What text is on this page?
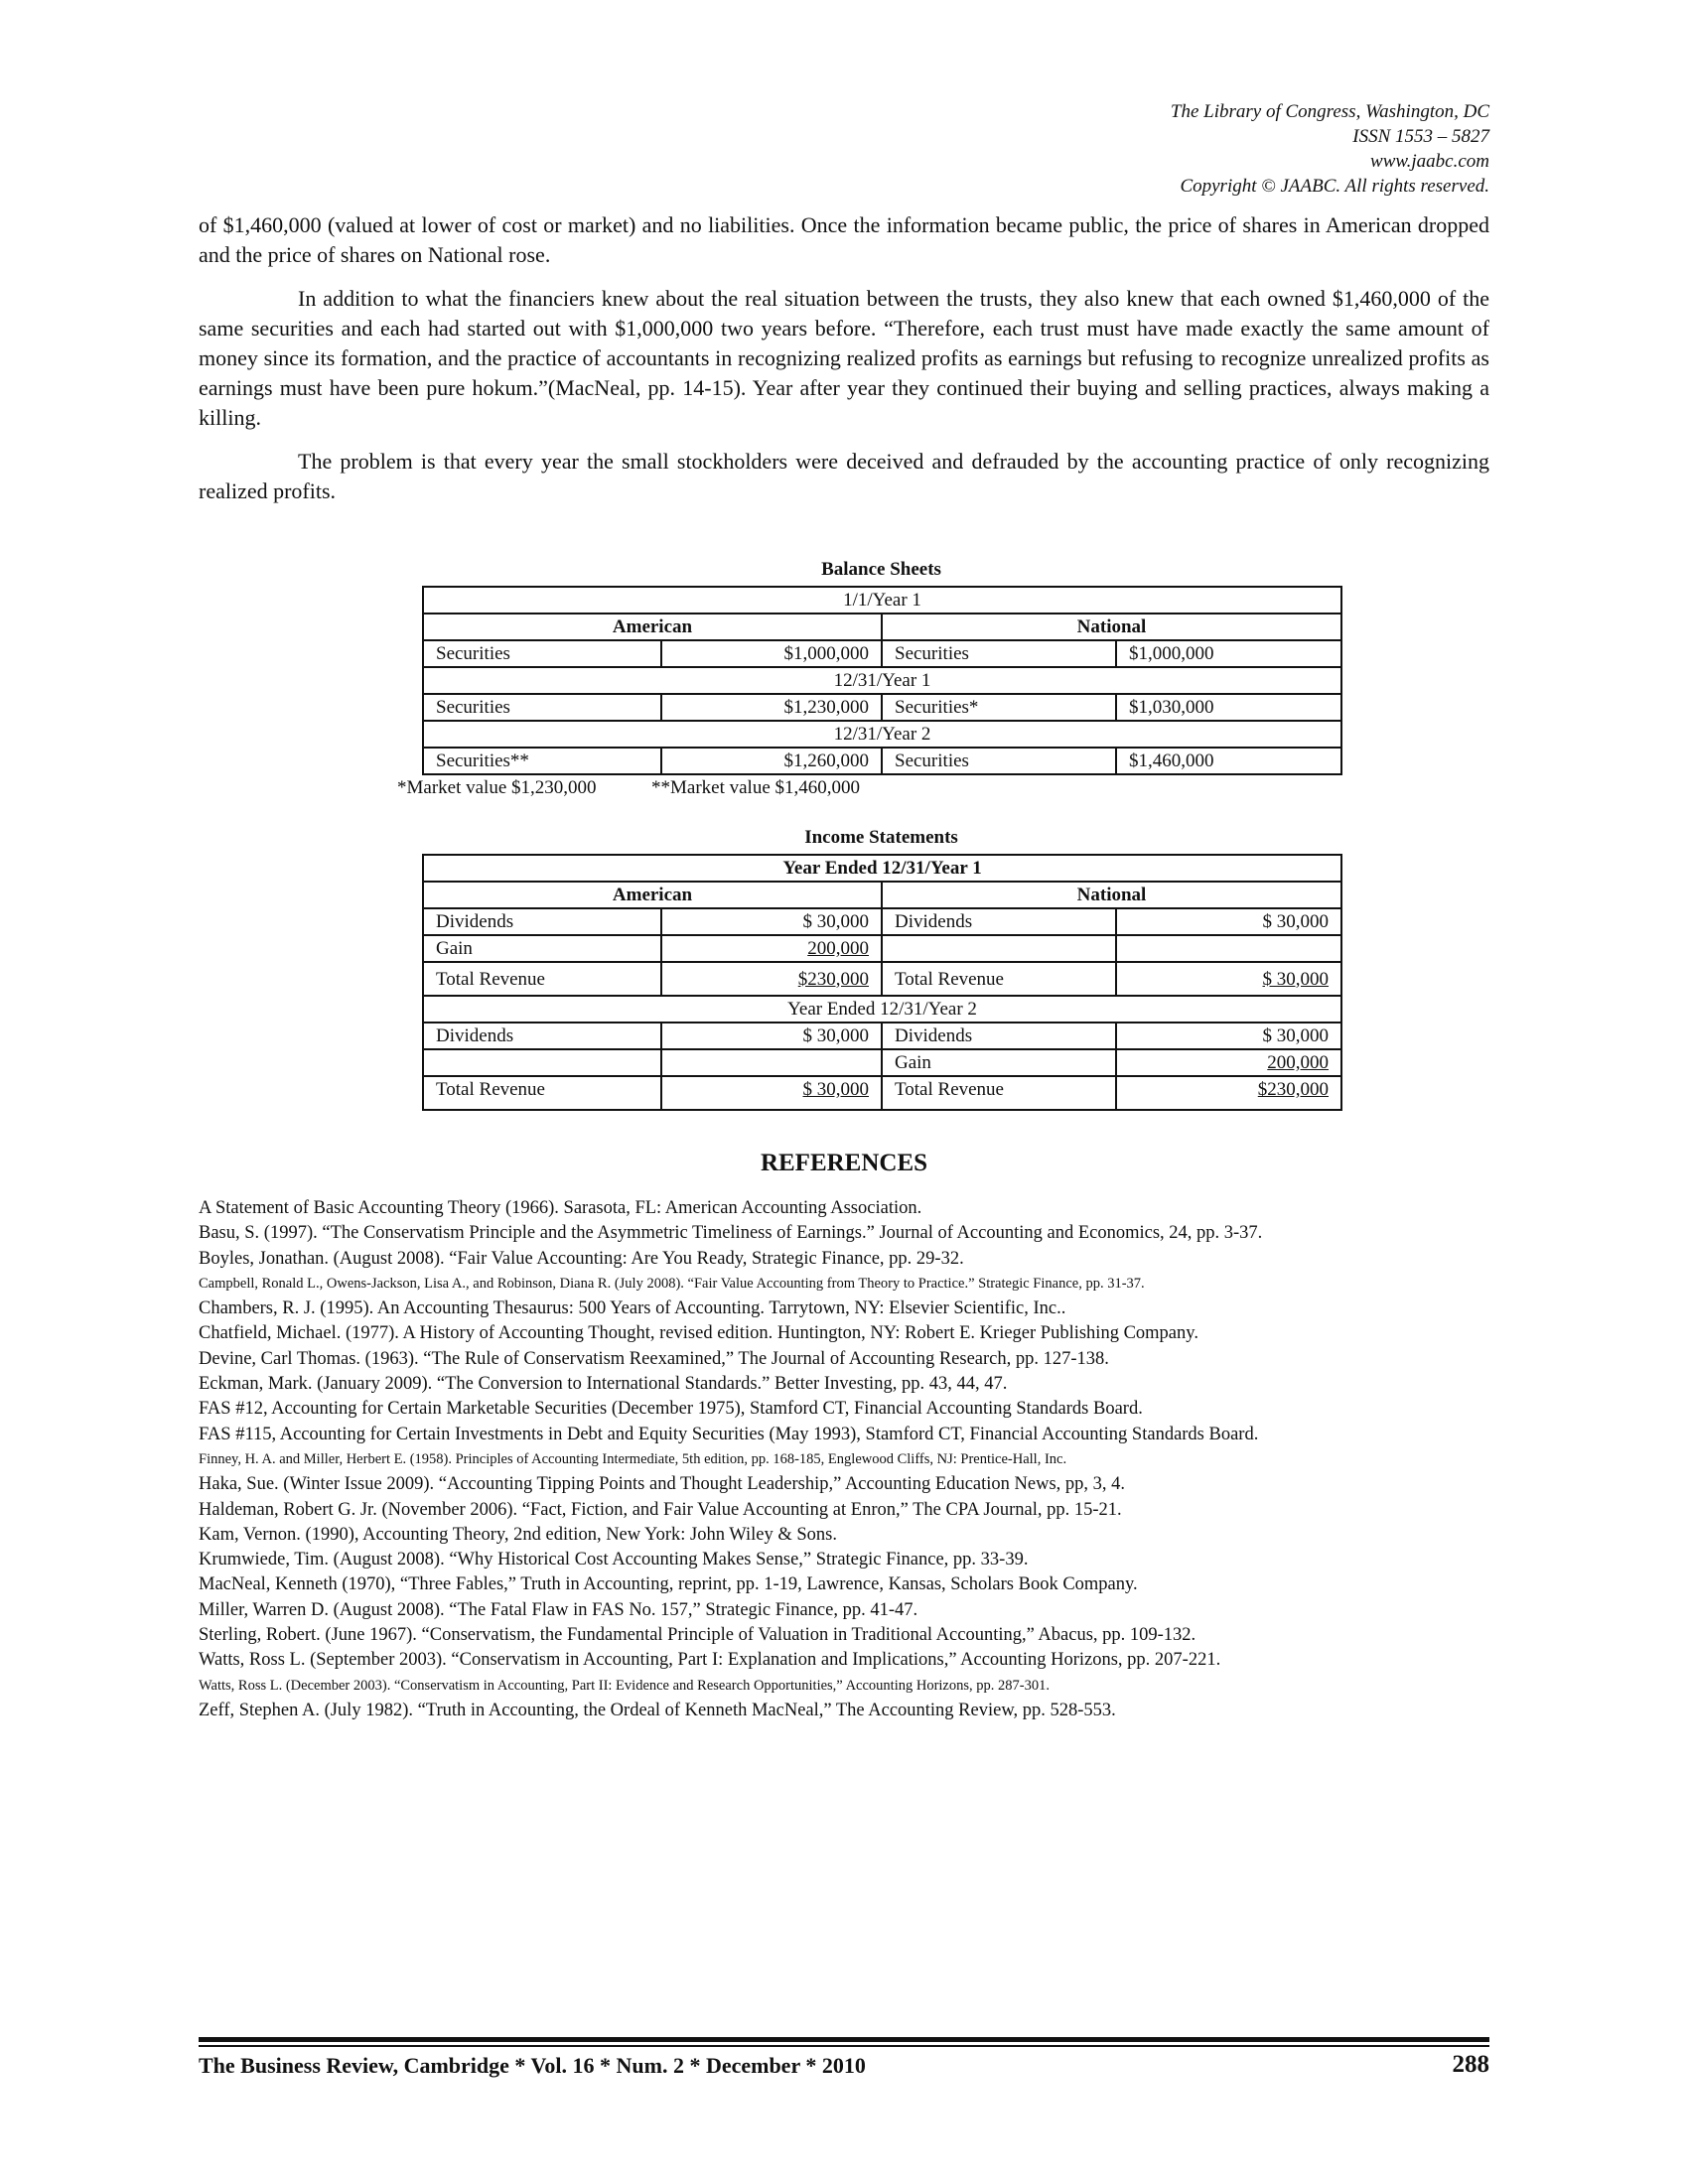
The Library of Congress, Washington, DC
ISSN 1553 – 5827
www.jaabc.com
Copyright © JAABC. All rights reserved.

of $1,460,000 (valued at lower of cost or market) and no liabilities. Once the information became public, the price of shares in American dropped and the price of shares on National rose.

In addition to what the financiers knew about the real situation between the trusts, they also knew that each owned $1,460,000 of the same securities and each had started out with $1,000,000 two years before. “Therefore, each trust must have made exactly the same amount of money since its formation, and the practice of accountants in recognizing realized profits as earnings but refusing to recognize unrealized profits as earnings must have been pure hokum.”(MacNeal, pp. 14-15). Year after year they continued their buying and selling practices, always making a killing.

The problem is that every year the small stockholders were deceived and defrauded by the accounting practice of only recognizing realized profits.

Balance Sheets
1/1/Year 1			
American		National	
Securities	$1,000,000	Securities	$1,000,000
12/31/Year 1			
Securities	$1,230,000	Securities*	$1,030,000
12/31/Year 2			
Securities**	$1,260,000	Securities	$1,460,000
*Market value $1,230,000	**Market value $1,460,000
Income Statements
Year Ended 12/31/Year 1			
American		National	
Dividends	$ 30,000	Dividends	$ 30,000
Gain	200,000		
Total Revenue	$230,000	Total Revenue	$ 30,000
Year Ended 12/31/Year 2			
Dividends	$ 30,000	Dividends	$ 30,000
		Gain	200,000
Total Revenue	$ 30,000	Total Revenue	$230,000
REFERENCES
A Statement of Basic Accounting Theory (1966). Sarasota, FL: American Accounting Association.
Basu, S. (1997). “The Conservatism Principle and the Asymmetric Timeliness of Earnings.” Journal of Accounting and Economics, 24, pp. 3-37.
Boyles, Jonathan. (August 2008). “Fair Value Accounting: Are You Ready, Strategic Finance, pp. 29-32.
Campbell, Ronald L., Owens-Jackson, Lisa A., and Robinson, Diana R. (July 2008). “Fair Value Accounting from Theory to Practice.” Strategic Finance, pp. 31-37.
Chambers, R. J. (1995). An Accounting Thesaurus: 500 Years of Accounting. Tarrytown, NY: Elsevier Scientific, Inc..
Chatfield, Michael. (1977). A History of Accounting Thought, revised edition. Huntington, NY: Robert E. Krieger Publishing Company.
Devine, Carl Thomas. (1963). “The Rule of Conservatism Reexamined,” The Journal of Accounting Research, pp. 127-138.
Eckman, Mark. (January 2009). “The Conversion to International Standards.” Better Investing, pp. 43, 44, 47.
FAS #12, Accounting for Certain Marketable Securities (December 1975), Stamford CT, Financial Accounting Standards Board.
FAS #115, Accounting for Certain Investments in Debt and Equity Securities (May 1993), Stamford CT, Financial Accounting Standards Board.
Finney, H. A. and Miller, Herbert E. (1958). Principles of Accounting Intermediate, 5th edition, pp. 168-185, Englewood Cliffs, NJ: Prentice-Hall, Inc.
Haka, Sue. (Winter Issue 2009). “Accounting Tipping Points and Thought Leadership,” Accounting Education News, pp, 3, 4.
Haldeman, Robert G. Jr. (November 2006). “Fact, Fiction, and Fair Value Accounting at Enron,” The CPA Journal, pp. 15-21.
Kam, Vernon. (1990), Accounting Theory, 2nd edition, New York: John Wiley & Sons.
Krumwiede, Tim. (August 2008). “Why Historical Cost Accounting Makes Sense,” Strategic Finance, pp. 33-39.
MacNeal, Kenneth (1970), “Three Fables,” Truth in Accounting, reprint, pp. 1-19, Lawrence, Kansas, Scholars Book Company.
Miller, Warren D. (August 2008). “The Fatal Flaw in FAS No. 157,” Strategic Finance, pp. 41-47.
Sterling, Robert. (June 1967). “Conservatism, the Fundamental Principle of Valuation in Traditional Accounting,” Abacus, pp. 109-132.
Watts, Ross L. (September 2003). “Conservatism in Accounting, Part I: Explanation and Implications,” Accounting Horizons, pp. 207-221.
Watts, Ross L. (December 2003). “Conservatism in Accounting, Part II: Evidence and Research Opportunities,” Accounting Horizons, pp. 287-301.
Zeff, Stephen A. (July 1982). “Truth in Accounting, the Ordeal of Kenneth MacNeal,” The Accounting Review, pp. 528-553.
The Business Review, Cambridge * Vol. 16 * Num. 2 * December * 2010	288
